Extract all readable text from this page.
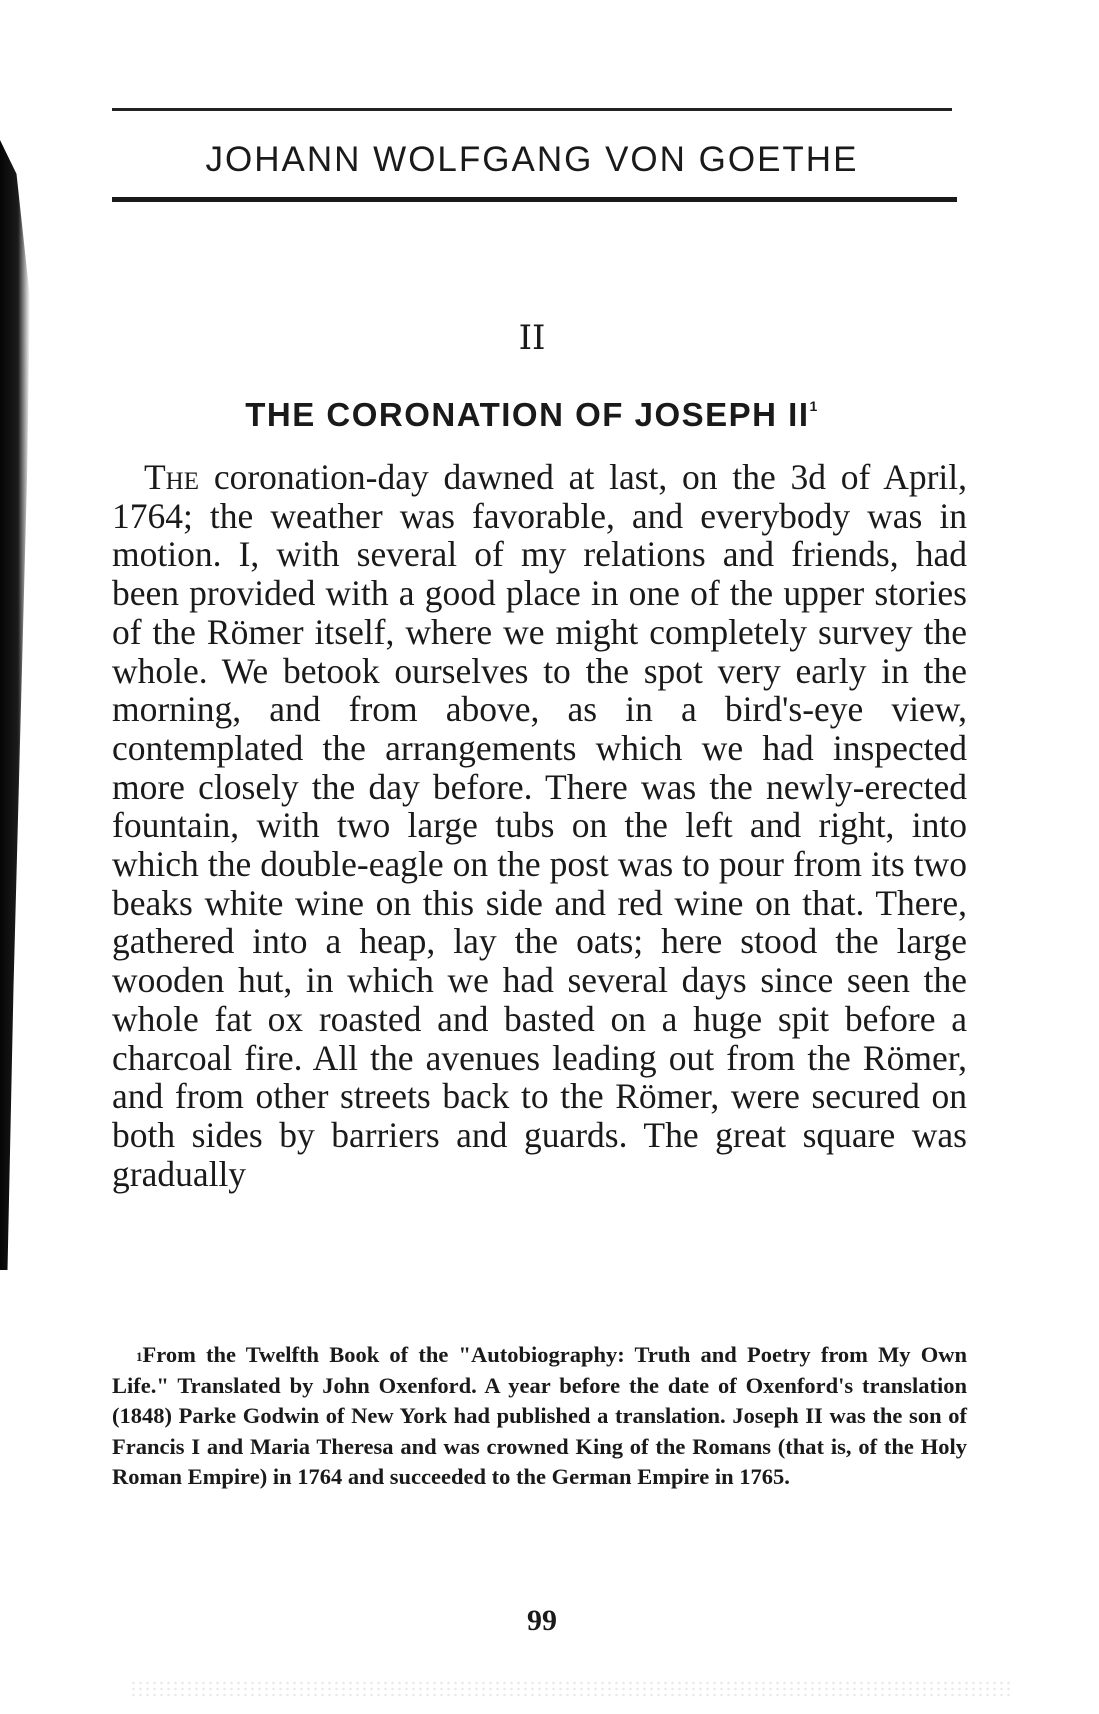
JOHANN WOLFGANG VON GOETHE
II
THE CORONATION OF JOSEPH $II^1$

The coronation-day dawned at last, on the 3d of April, 1764; the weather was favorable, and everybody was in motion. I, with several of my relations and friends, had been provided with a good place in one of the upper stories of the Römer itself, where we might completely survey the whole. We betook ourselves to the spot very early in the morning, and from above, as in a bird's-eye view, contemplated the arrangements which we had inspected more closely the day before. There was the newly-erected fountain, with two large tubs on the left and right, into which the double-eagle on the post was to pour from its two beaks white wine on this side and red wine on that. There, gathered into a heap, lay the oats; here stood the large wooden hut, in which we had several days since seen the whole fat ox roasted and basted on a huge spit before a charcoal fire. All the avenues leading out from the Römer, and from other streets back to the Römer, were secured on both sides by barriers and guards. The great square was gradually

$^1$From the Twelfth Book of the "Autobiography: Truth and Poetry from My Own Life." Translated by John Oxenford. A year before the date of Oxenford's translation (1848) Parke Godwin of New York had published a translation. Joseph II was the son of Francis I and Maria Theresa and was crowned King of the Romans (that is, of the Holy Roman Empire) in 1764 and succeeded to the German Empire in 1765.

99
